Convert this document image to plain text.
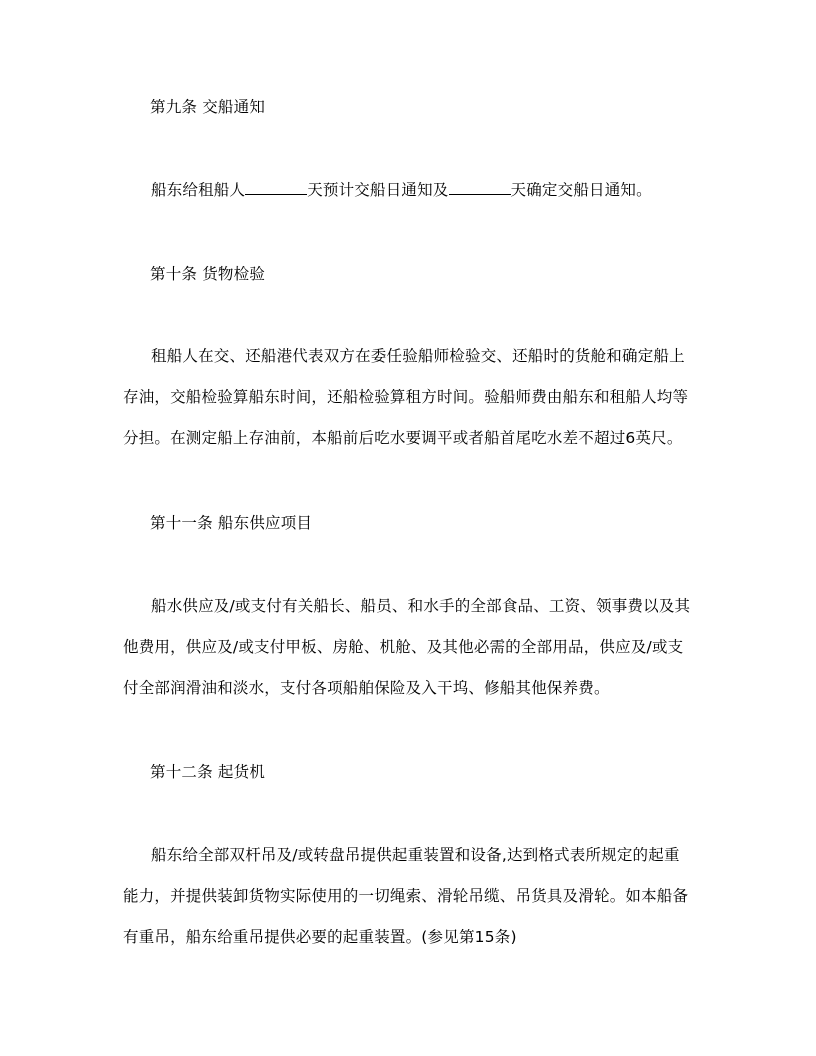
第九条 交船通知
船东给租船人	天预计交船日通知及	天确定交船日通知。
第十条 货物检验
租船人在交、还船港代表双方在委任验船师检验交、还船时的货舱和确定船上
存油，交船检验算船东时间，还船检验算租方时间。验船师费由船东和租船人均等
分担。在测定船上存油前，本船前后吃水要调平或者船首尾吃水差不超过6英尺。
第十一条 船东供应项目
船水供应及/或支付有关船长、船员、和水手的全部食品、工资、领事费以及其
他费用，供应及/或支付甲板、房舱、机舱、及其他必需的全部用品，供应及/或支
付全部润滑油和淡水，支付各项船舶保险及入干坞、修船其他保养费。
第十二条 起货机
船东给全部双杆吊及/或转盘吊提供起重装置和设备,达到格式表所规定的起重
能力，并提供装卸货物实际使用的一切绳索、滑轮吊缆、吊货具及滑轮。如本船备
有重吊，船东给重吊提供必要的起重装置。(参见第15条)
